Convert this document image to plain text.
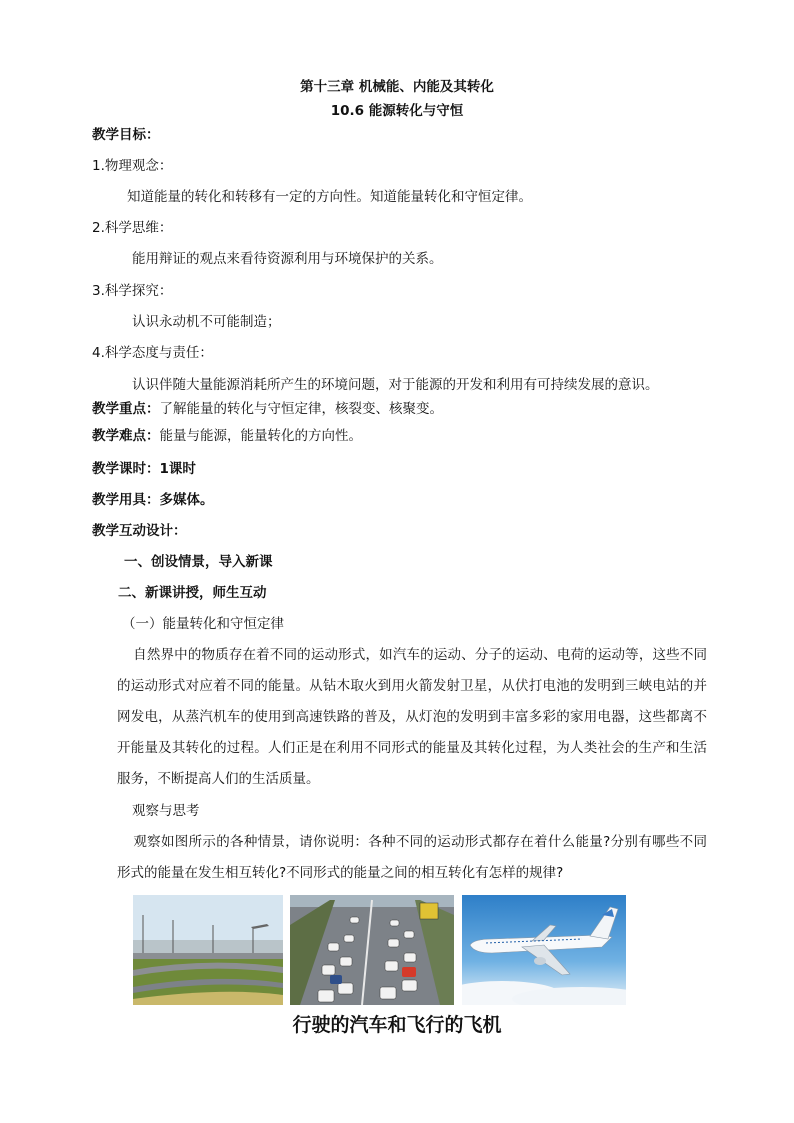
第十三章 机械能、内能及其转化
10.6 能源转化与守恒
教学目标：
1.物理观念：
知道能量的转化和转移有一定的方向性。知道能量转化和守恒定律。
2.科学思维：
能用辩证的观点来看待资源利用与环境保护的关系。
3.科学探究：
认识永动机不可能制造；
4.科学态度与责任：
认识伴随大量能源消耗所产生的环境问题，对于能源的开发和利用有可持续发展的意识。
教学重点：了解能量的转化与守恒定律，核裂变、核聚变。
教学难点：能量与能源，能量转化的方向性。
教学课时：1课时
教学用具：多媒体。
教学互动设计：
一、创设情景，导入新课
二、新课讲授，师生互动
（一）能量转化和守恒定律
自然界中的物质存在着不同的运动形式，如汽车的运动、分子的运动、电荷的运动等，这些不同的运动形式对应着不同的能量。从钻木取火到用火箭发射卫星，从伏打电池的发明到三峡电站的并网发电，从蒸汽机车的使用到高速铁路的普及，从灯泡的发明到丰富多彩的家用电器，这些都离不开能量及其转化的过程。人们正是在利用不同形式的能量及其转化过程，为人类社会的生产和生活服务，不断提高人们的生活质量。
观察与思考
观察如图所示的各种情景，请你说明：各种不同的运动形式都存在着什么能量?分别有哪些不同形式的能量在发生相互转化?不同形式的能量之间的相互转化有怎样的规律?
行驶的汽车和飞行的飞机
